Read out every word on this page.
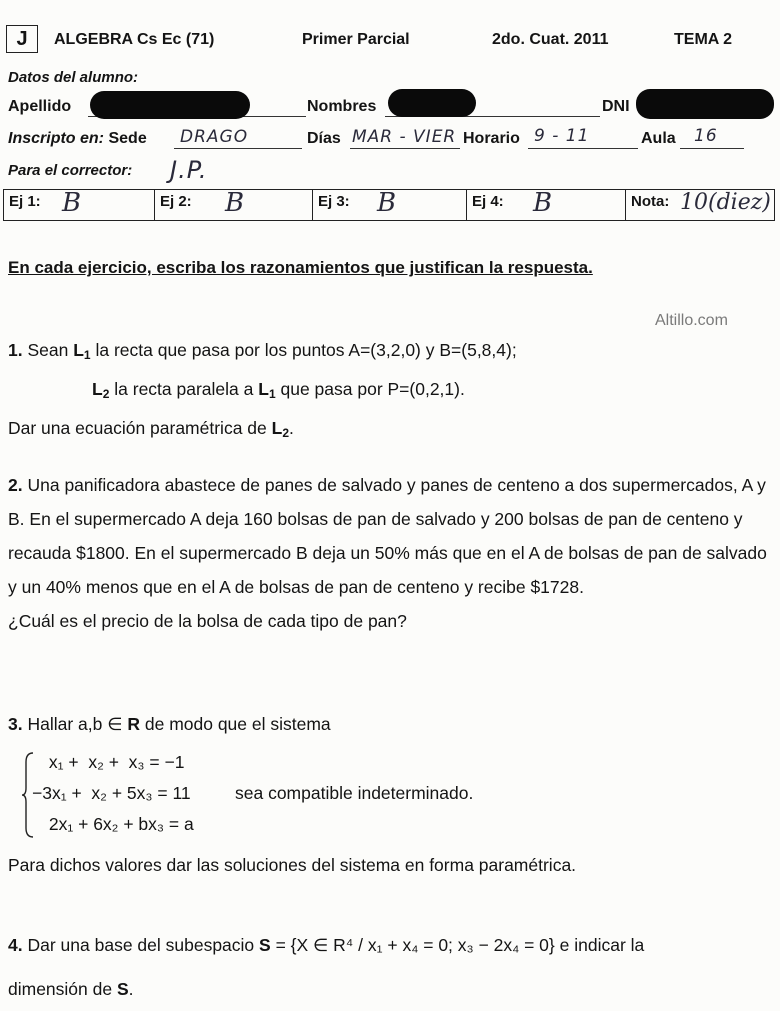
J	ALGEBRA Cs Ec (71)	Primer Parcial	2do. Cuat. 2011	TEMA 2
Datos del alumno:
Apellido	Nombres	DNI
Inscripto en: Sede DRAGO	Días MAR - VIER Horario 9 - 11	Aula 16
Para el corrector: J.P.
Ej 1: B	Ej 2: B	Ej 3: B	Ej 4: B	Nota: 10(diez)
En cada ejercicio, escriba los razonamientos que justifican la respuesta.
Altillo.com

1. Sean $L_1$ la recta que pasa por los puntos A=(3,2,0) y B=(5,8,4);

$L_2$ la recta paralela a $L_1$ que pasa por P=(0,2,1).

Dar una ecuación paramétrica de $L_2$.

2. Una panificadora abastece de panes de salvado y panes de centeno a dos supermercados, A y B. En el supermercado A deja 160 bolsas de pan de salvado y 200 bolsas de pan de centeno y recauda $1800. En el supermercado B deja un 50% más que en el A de bolsas de pan de salvado y un 40% menos que en el A de bolsas de pan de centeno y recibe $1728.

¿Cuál es el precio de la bolsa de cada tipo de pan?

3. Hallar a,b ∈ R de modo que el sistema

x₁ +  x₂ +  x₃ = −1
−3x₁ +  x₂ + 5x₃ = 11
2x₁ + 6x₂ + bx₃ = a
sea compatible indeterminado.

Para dichos valores dar las soluciones del sistema en forma paramétrica.

4. Dar una base del subespacio S = {X ∈ R⁴ / x₁ + x₄ = 0; x₃ − 2x₄ = 0} e indicar la

dimensión de S.
